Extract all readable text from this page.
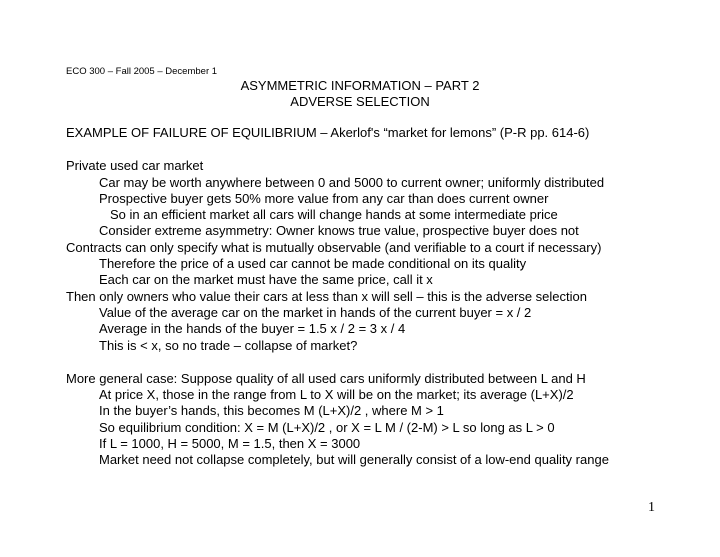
ECO 300 – Fall 2005 – December 1
ASYMMETRIC INFORMATION – PART 2
ADVERSE SELECTION
EXAMPLE OF FAILURE OF EQUILIBRIUM – Akerlof's “market for lemons” (P-R pp. 614-6)
Private used car market
Car may be worth anywhere between 0 and 5000 to current owner; uniformly distributed
Prospective buyer gets 50% more value from any car than does current owner
So in an efficient market all cars will change hands at some intermediate price
Consider extreme asymmetry: Owner knows true value, prospective buyer does not
Contracts can only specify what is mutually observable (and verifiable to a court if necessary)
Therefore the price of a used car cannot be made conditional on its quality
Each car on the market must have the same price, call it x
Then only owners who value their cars at less than x will sell – this is the adverse selection
Value of the average car on the market in hands of the current buyer = x / 2
Average in the hands of the buyer = 1.5 x / 2 = 3 x / 4
This is < x, so no trade – collapse of market?
More general case: Suppose quality of all used cars uniformly distributed between L and H
At price X, those in the range from L to X will be on the market; its average (L+X)/2
In the buyer’s hands, this becomes M (L+X)/2 , where M > 1
So equilibrium condition: X = M (L+X)/2 , or X = L M / (2-M) > L so long as L > 0
If L = 1000, H = 5000, M = 1.5, then X = 3000
Market need not collapse completely, but will generally consist of a low-end quality range
1
